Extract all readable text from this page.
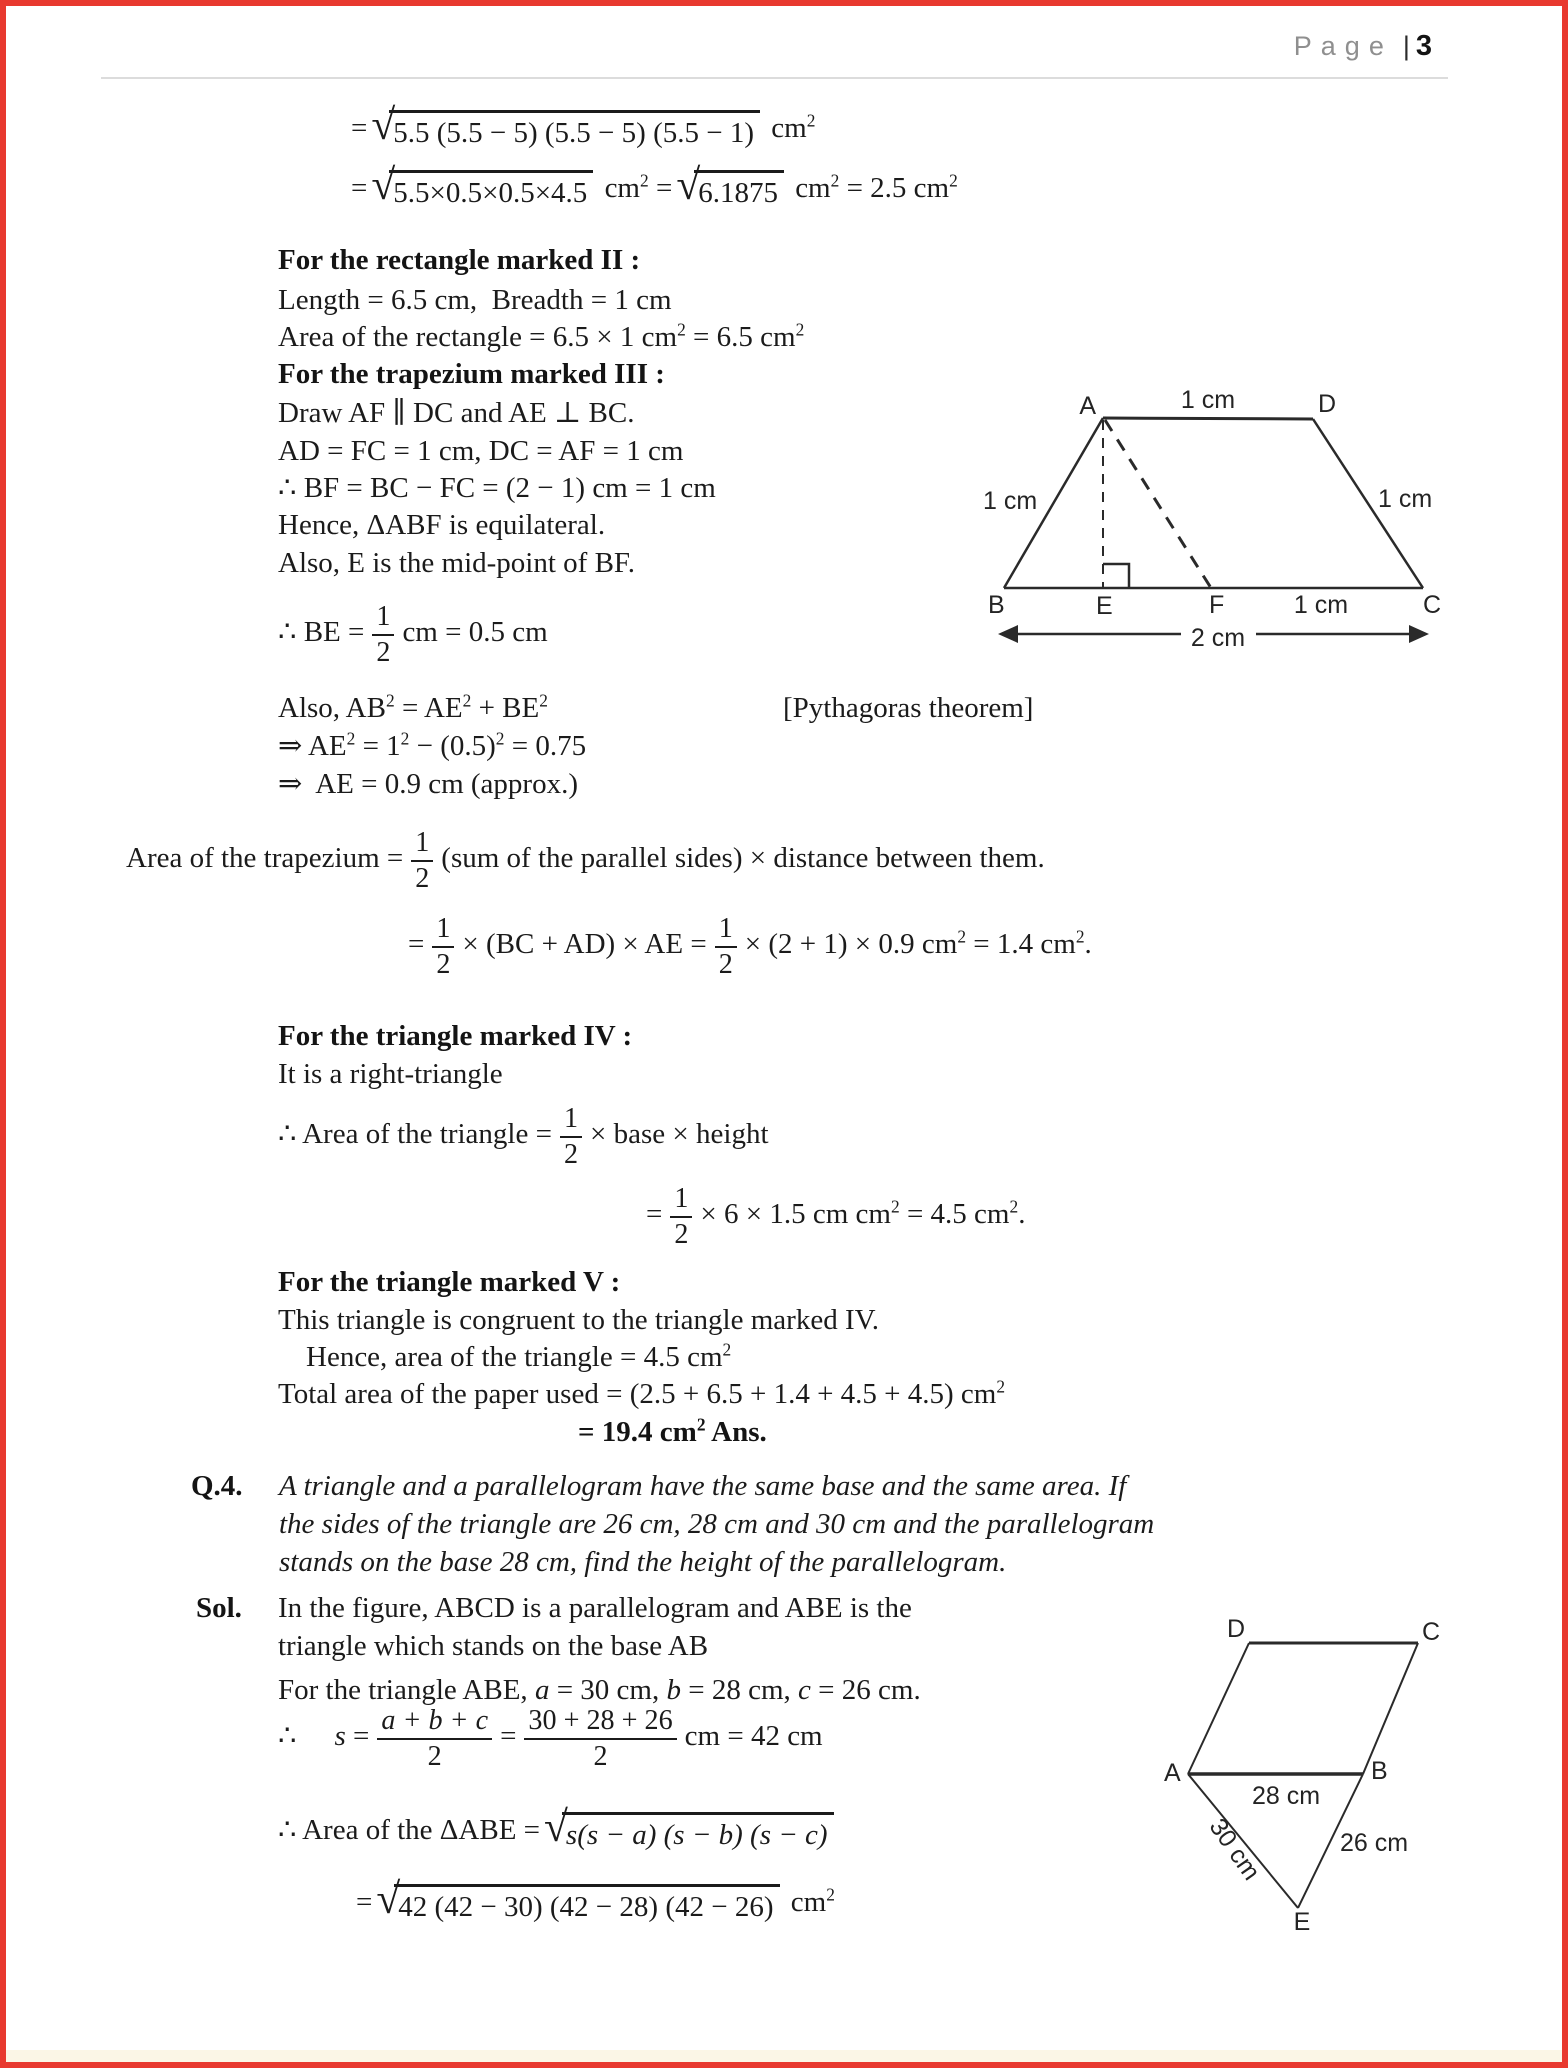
Page | 3
=√5.5 (5.5 − 5) (5.5 − 5) (5.5 − 1) $cm^2$
=√5.5×0.5×0.5×4.5 $cm^2 =√6.1875$ $cm^2 = 2.5$ $cm^2$
For the rectangle marked II :
Length = 6.5 cm,  Breadth = 1 cm
Area of the rectangle = 6.5 × 1 $cm^2 = 6.5$ $cm^2$
For the trapezium marked III :
Draw AF ∥ DC and AE ⊥ BC.
AD = FC = 1 cm, DC = AF = 1 cm
∴ BF = BC − FC = (2 − 1) cm = 1 cm
Hence, ΔABF is equilateral.
Also, E is the mid-point of BF.
∴ BE = $\frac{1}{2}$ cm = 0.5 cm
Also, $AB^2 = AE^2 + BE^2$	[Pythagoras theorem]
⇒ $AE^2 = 1^2 - (0.5)^2 = 0.75$
⇒  AE = 0.9 cm (approx.)
Area of the trapezium = $\frac{1}{2} (sum$ of the parallel sides) × distance between them.
= $\frac{1}{2} \times (BC + AD)$ × AE = $\frac{1}{2} \times (2 + 1) \times 0.9$ $cm^2 = 1.4$ $cm^2$.
For the triangle marked IV :
It is a right-triangle
∴ Area of the triangle = $\frac{1}{2}$ × base × height
= $\frac{1}{2} \times 6 \times 1.5$ cm $cm^2 = 4.5$ $cm^2$.
For the triangle marked V :
This triangle is congruent to the triangle marked IV.
Hence, area of the triangle = 4.5 $cm^2$
Total area of the paper used = (2.5 + 6.5 + 1.4 + 4.5 + 4.5) $cm^2$
= 19.4 $cm^2$ Ans.
Q.4. A triangle and a parallelogram have the same base and the same area. If
the sides of the triangle are 26 cm, 28 cm and 30 cm and the parallelogram
stands on the base 28 cm, find the height of the parallelogram.
Sol. In the figure, ABCD is a parallelogram and ABE is the
triangle which stands on the base AB
For the triangle ABE, a = 30 cm, b = 28 cm, c = 26 cm.
∴ $s = \frac{a + b + c}{2} = \frac{30 + 28 + 26}{2}$ cm = 42 cm
∴ Area of the ΔABE =√s(s − a) (s − b) (s − c)
=√42 (42 − 30) (42 − 28) (42 − 26) $cm^2$
A	1 cm	D
1 cm	1 cm
B	E	F	1 cm	C
2 cm
D	C
A	B
E
28 cm
30 cm	26 cm
